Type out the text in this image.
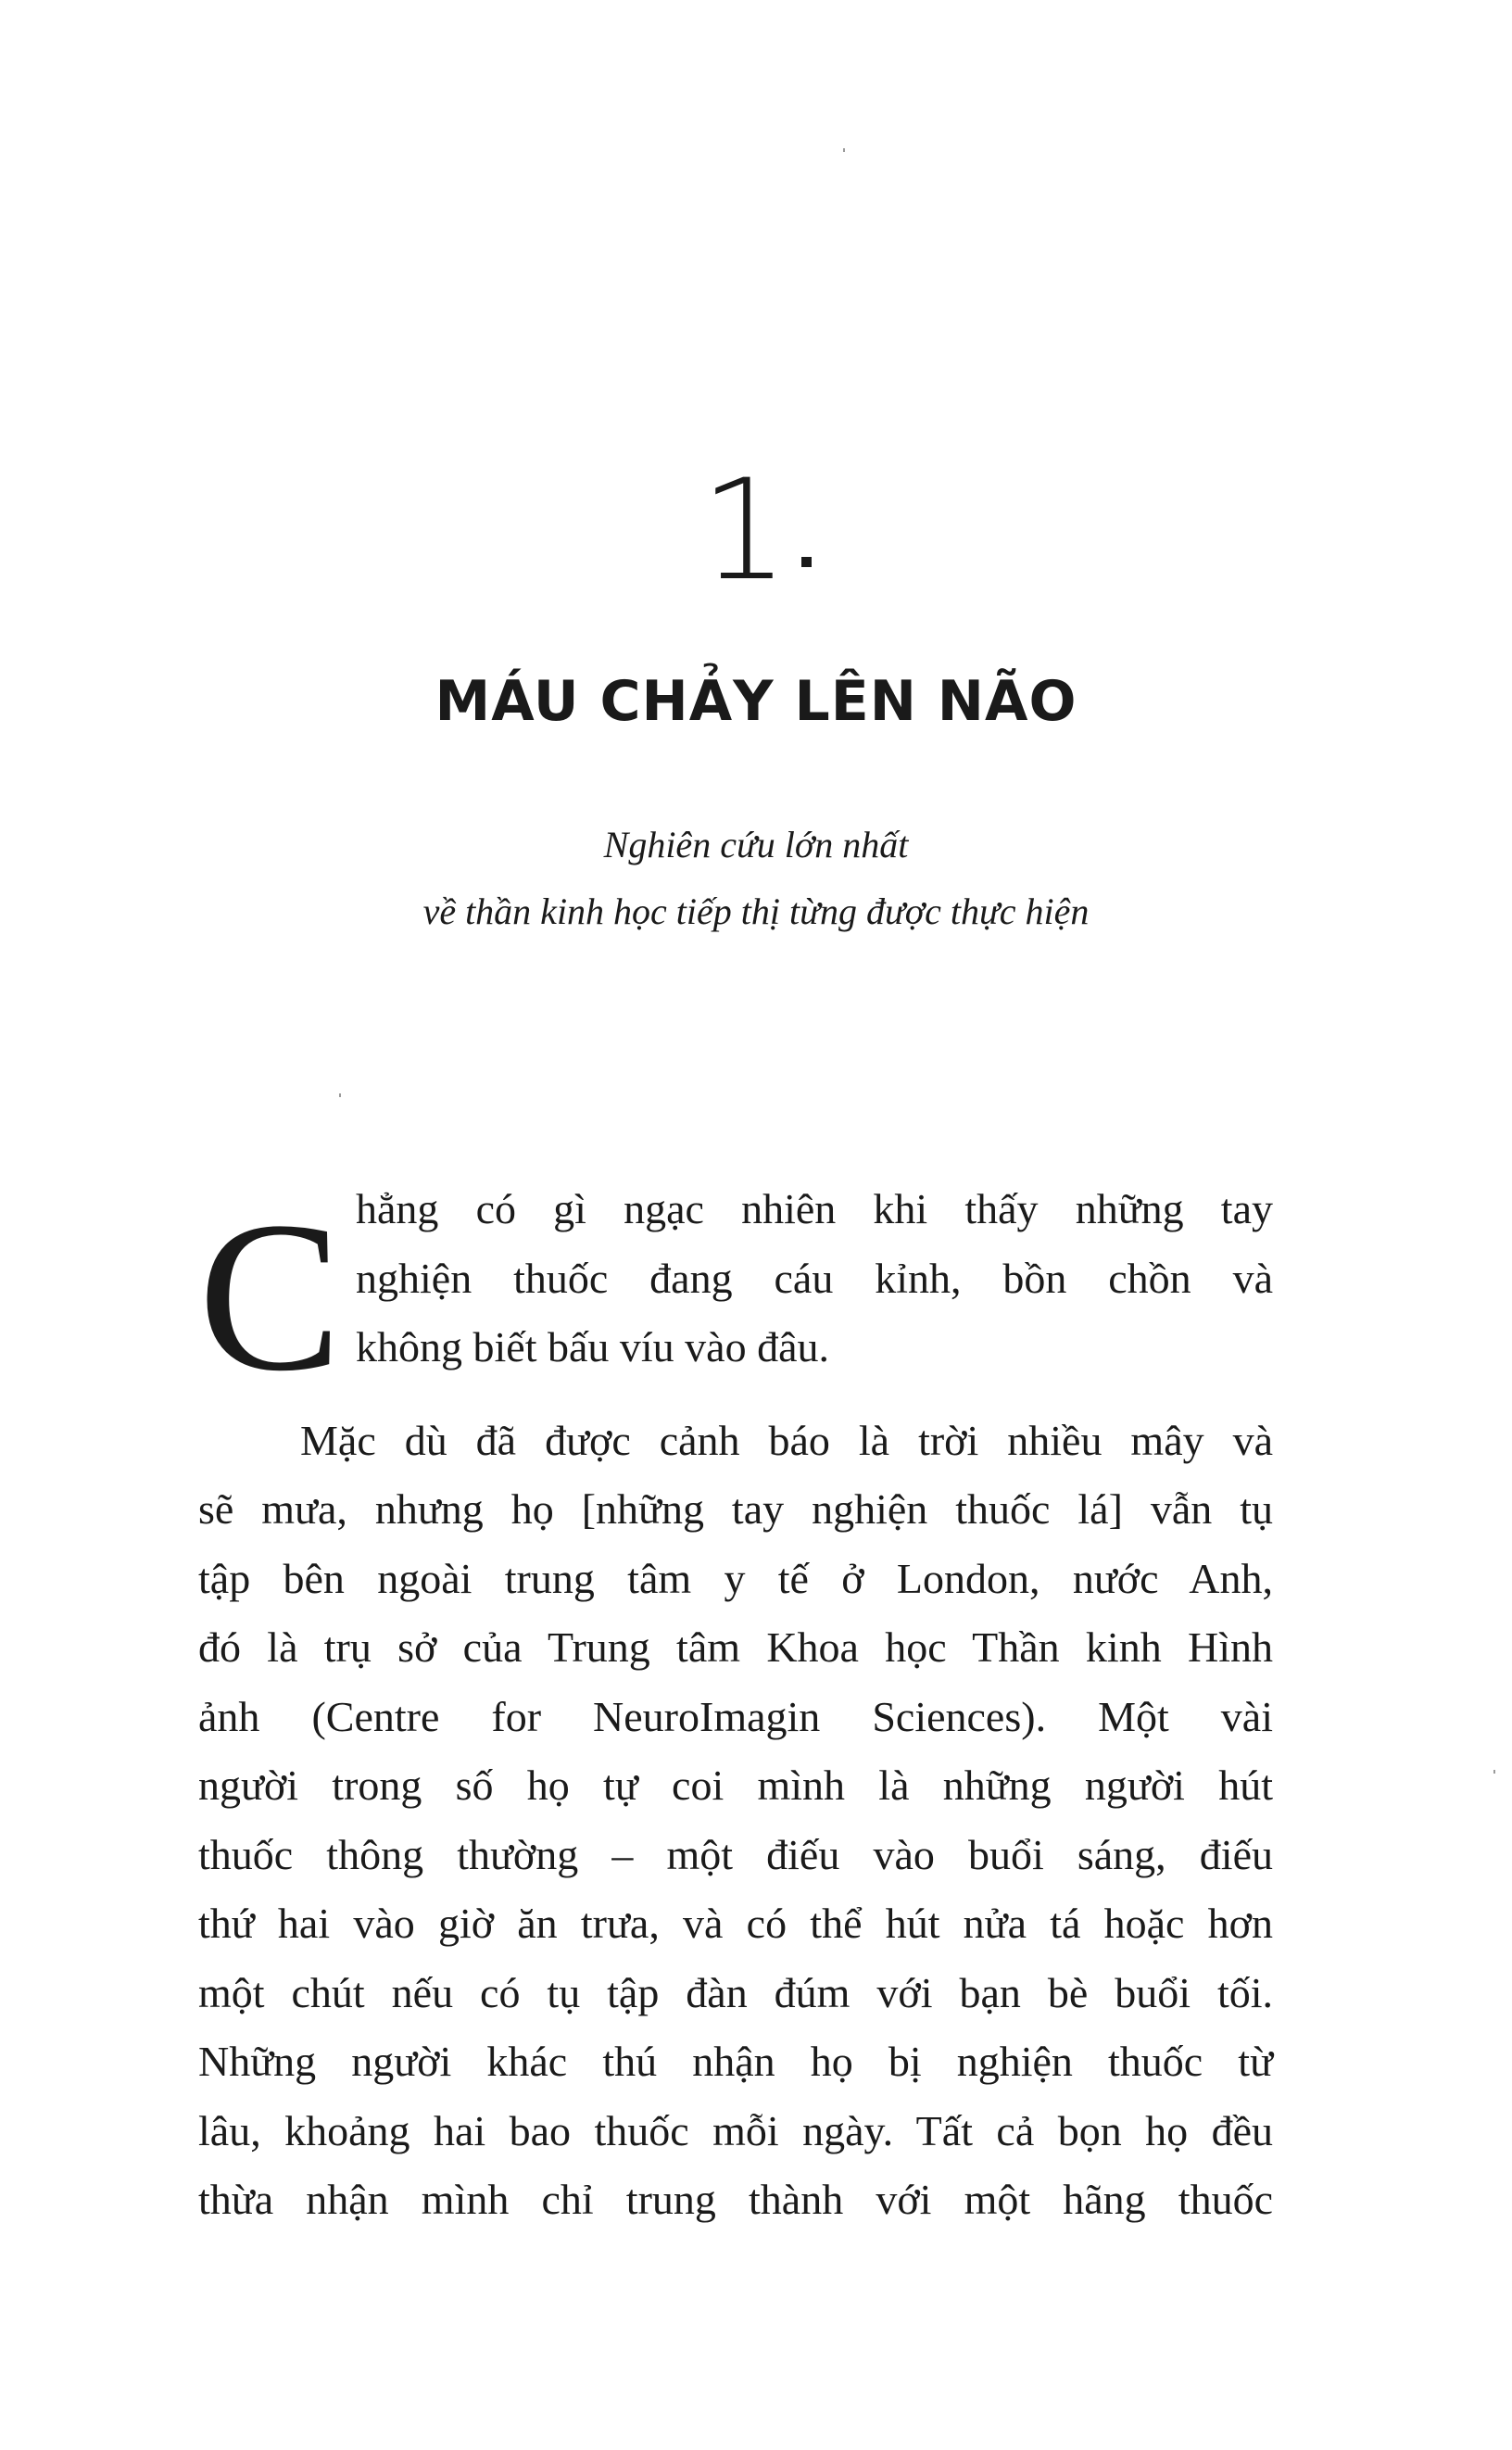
1
MÁU CHẢY LÊN NÃO
Nghiên cứu lớn nhất
về thần kinh học tiếp thị từng được thực hiện
C hẳng có gì ngạc nhiên khi thấy những tay
nghiện thuốc đang cáu kỉnh, bồn chồn và
không biết bấu víu vào đâu.
Mặc dù đã được cảnh báo là trời nhiều mây và
sẽ mưa, nhưng họ [những tay nghiện thuốc lá] vẫn tụ
tập bên ngoài trung tâm y tế ở London, nước Anh,
đó là trụ sở của Trung tâm Khoa học Thần kinh Hình
ảnh (Centre for NeuroImagin Sciences). Một vài
người trong số họ tự coi mình là những người hút
thuốc thông thường – một điếu vào buổi sáng, điếu
thứ hai vào giờ ăn trưa, và có thể hút nửa tá hoặc hơn
một chút nếu có tụ tập đàn đúm với bạn bè buổi tối.
Những người khác thú nhận họ bị nghiện thuốc từ
lâu, khoảng hai bao thuốc mỗi ngày. Tất cả bọn họ đều
thừa nhận mình chỉ trung thành với một hãng thuốc
